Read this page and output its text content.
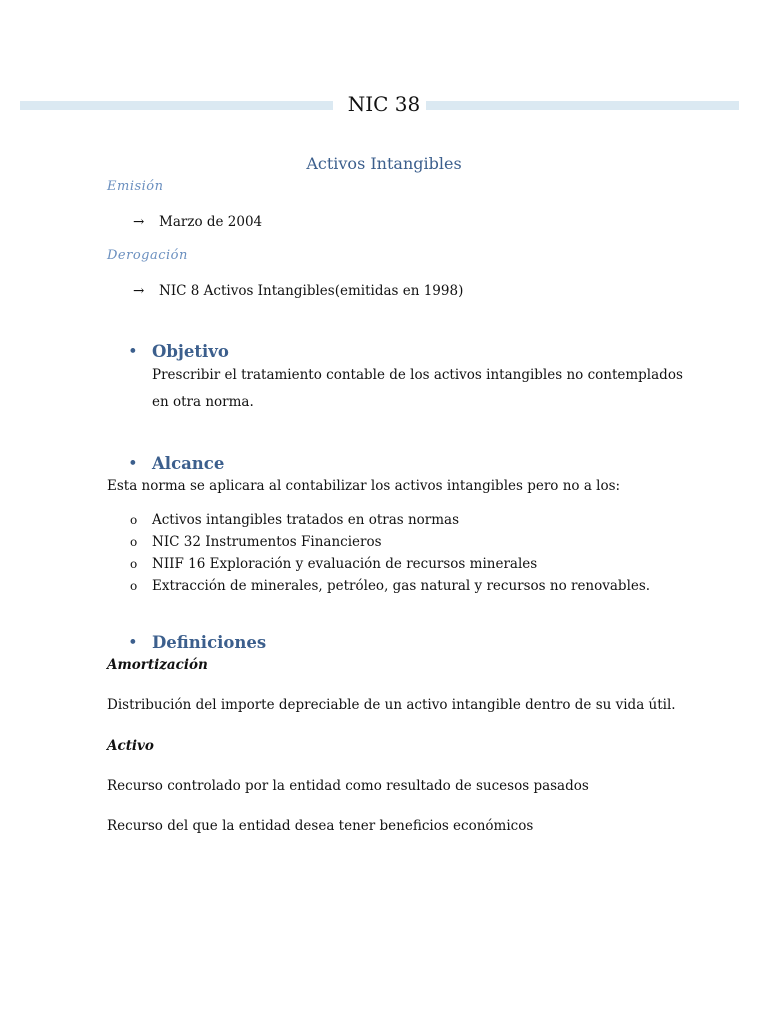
NIC 38
Activos Intangibles
Emisión
→ Marzo de 2004
Derogación
→ NIC 8 Activos Intangibles(emitidas en 1998)
• Objetivo
Prescribir el tratamiento contable de los activos intangibles no contemplados
en otra norma.
• Alcance
Esta norma se aplicara al contabilizar los activos intangibles pero no a los:
o Activos intangibles tratados en otras normas
o NIC 32 Instrumentos Financieros
o NIIF 16 Exploración y evaluación de recursos minerales
o Extracción de minerales, petróleo, gas natural y recursos no renovables.
• Definiciones
Amortización
Distribución del importe depreciable de un activo intangible dentro de su vida útil.
Activo
Recurso controlado por la entidad como resultado de sucesos pasados
Recurso del que la entidad desea tener beneficios económicos
